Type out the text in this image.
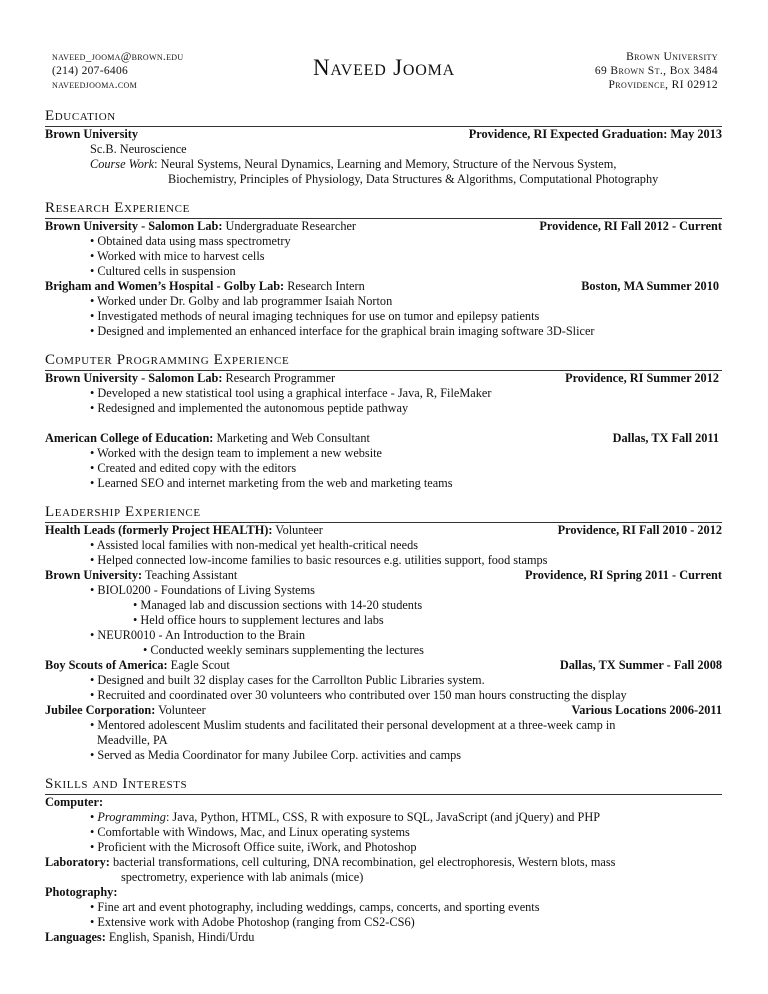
naveed_jooma@brown.edu
(214) 207-6406
naveedjooma.com
Naveed Jooma	Brown University
69 Brown St., Box 3484
Providence, RI 02912
Education
Brown University	Providence, RI Expected Graduation: May 2013
Sc.B. Neuroscience
Course Work: Neural Systems, Neural Dynamics, Learning and Memory, Structure of the Nervous System,
Biochemistry, Principles of Physiology, Data Structures & Algorithms, Computational Photography
Research Experience
Brown University - Salomon Lab: Undergraduate Researcher	Providence, RI Fall 2012 - Current
• Obtained data using mass spectrometry
• Worked with mice to harvest cells
• Cultured cells in suspension
Brigham and Women’s Hospital - Golby Lab: Research Intern	Boston, MA Summer 2010
• Worked under Dr. Golby and lab programmer Isaiah Norton
• Investigated methods of neural imaging techniques for use on tumor and epilepsy patients
• Designed and implemented an enhanced interface for the graphical brain imaging software 3D-Slicer
Computer Programming Experience
Brown University - Salomon Lab: Research Programmer	Providence, RI Summer 2012
• Developed a new statistical tool using a graphical interface - Java, R, FileMaker
• Redesigned and implemented the autonomous peptide pathway
American College of Education: Marketing and Web Consultant	Dallas, TX Fall 2011
• Worked with the design team to implement a new website
• Created and edited copy with the editors
• Learned SEO and internet marketing from the web and marketing teams
Leadership Experience
Health Leads (formerly Project HEALTH): Volunteer	Providence, RI Fall 2010 - 2012
• Assisted local families with non-medical yet health-critical needs
• Helped connected low-income families to basic resources e.g. utilities support, food stamps
Brown University: Teaching Assistant	Providence, RI Spring 2011 - Current
• BIOL0200 - Foundations of Living Systems
• Managed lab and discussion sections with 14-20 students
• Held office hours to supplement lectures and labs
• NEUR0010 - An Introduction to the Brain
• Conducted weekly seminars supplementing the lectures
Boy Scouts of America: Eagle Scout	Dallas, TX Summer - Fall 2008
• Designed and built 32 display cases for the Carrollton Public Libraries system.
• Recruited and coordinated over 30 volunteers who contributed over 150 man hours constructing the display
Jubilee Corporation: Volunteer	Various Locations 2006-2011
• Mentored adolescent Muslim students and facilitated their personal development at a three-week camp in
Meadville, PA
• Served as Media Coordinator for many Jubilee Corp. activities and camps
Skills and Interests
Computer:
• Programming: Java, Python, HTML, CSS, R with exposure to SQL, JavaScript (and jQuery) and PHP
• Comfortable with Windows, Mac, and Linux operating systems
• Proficient with the Microsoft Office suite, iWork, and Photoshop
Laboratory: bacterial transformations, cell culturing, DNA recombination, gel electrophoresis, Western blots, mass
spectrometry, experience with lab animals (mice)
Photography:
• Fine art and event photography, including weddings, camps, concerts, and sporting events
• Extensive work with Adobe Photoshop (ranging from CS2-CS6)
Languages: English, Spanish, Hindi/Urdu
